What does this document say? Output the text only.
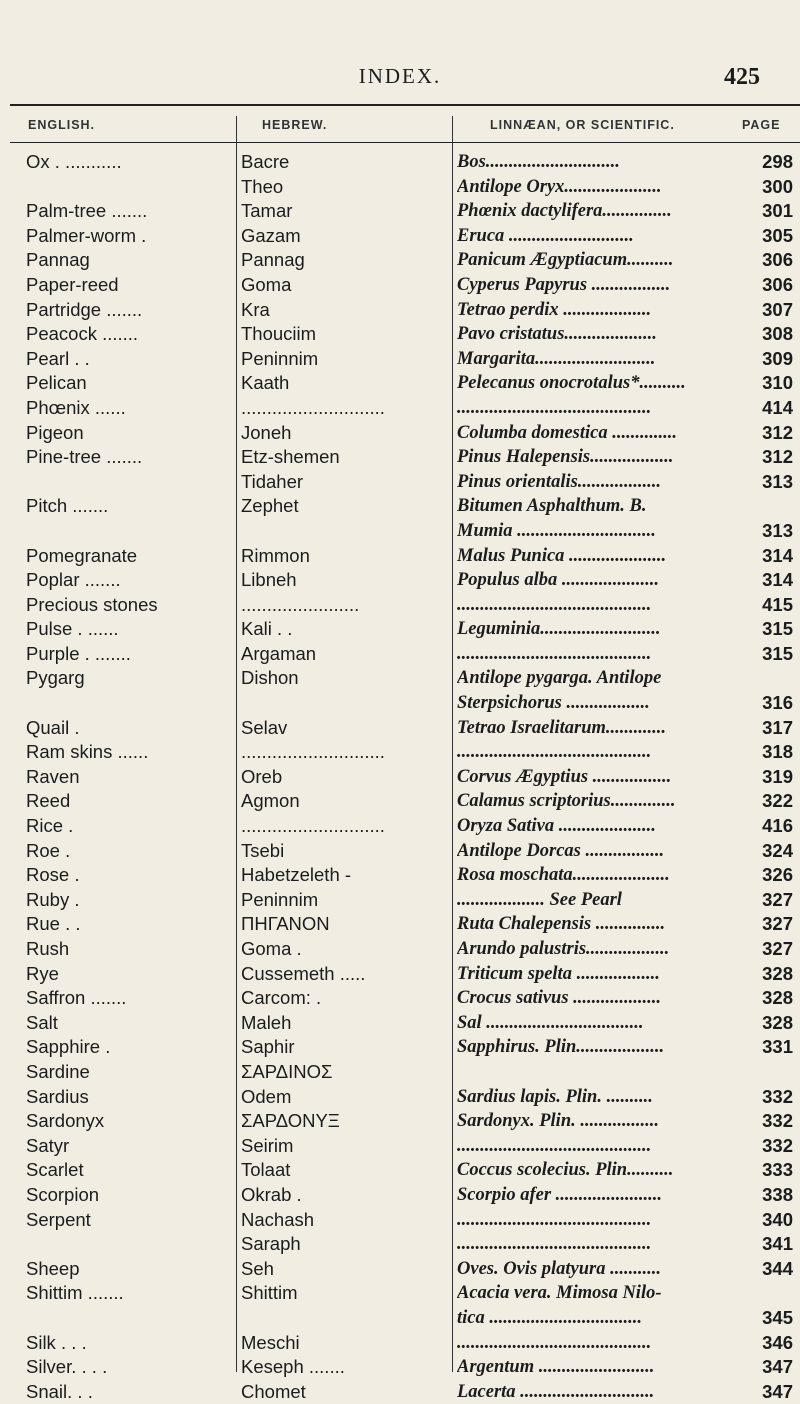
INDEX.	425
ENGLISH.	HEBREW.	LINNÆAN, OR SCIENTIFIC.	PAGE
Ox . ...........	Bacre	Bos.............................	298
Theo	Antilope Oryx.....................	300
Palm-tree .......	Tamar	Phœnix dactylifera...............	301
Palmer-worm .	Gazam	Eruca ...........................	305
Pannag	Pannag	Panicum Ægyptiacum..........	306
Paper-reed	Goma	Cyperus Papyrus .................	306
Partridge .......	Kra	Tetrao perdix ...................	307
Peacock .......	Thouciim	Pavo cristatus....................	308
Pearl . .	Peninnim	Margarita..........................	309
Pelican	Kaath	Pelecanus onocrotalus*..........	310
Phœnix ......	............................	..........................................	414
Pigeon	Joneh	Columba domestica ..............	312
Pine-tree .......	Etz-shemen	Pinus Halepensis..................	312
Tidaher	Pinus orientalis..................	313
Pitch .......	Zephet	Bitumen Asphalthum. B.
Mumia ..............................	313
Pomegranate	Rimmon	Malus Punica .....................	314
Poplar .......	Libneh	Populus alba .....................	314
Precious stones	.......................	..........................................	415
Pulse . ......	Kali . .	Leguminia..........................	315
Purple . .......	Argaman	..........................................	315
Pygarg	Dishon	Antilope pygarga. Antilope
Sterpsichorus ..................	316
Quail .	Selav	Tetrao Israelitarum.............	317
Ram skins ......	............................	..........................................	318
Raven	Oreb	Corvus Ægyptius .................	319
Reed	Agmon	Calamus scriptorius..............	322
Rice .	............................	Oryza Sativa .....................	416
Roe .	Tsebi	Antilope Dorcas .................	324
Rose .	Habetzeleth -	Rosa moschata.....................	326
Ruby .	Peninnim	................... See Pearl	327
Rue . .	ΠΗΓΑΝΟΝ	Ruta Chalepensis ...............	327
Rush	Goma .	Arundo palustris..................	327
Rye	Cussemeth .....	Triticum spelta ..................	328
Saffron .......	Carcom: .	Crocus sativus ...................	328
Salt	Maleh	Sal ..................................	328
Sapphire .	Saphir	Sapphirus. Plin...................	331
Sardine	ΣΑΡΔΙΝΟΣ
Sardius	Odem	Sardius lapis. Plin. ..........	332
Sardonyx	ΣΑΡΔΟΝΥΞ	Sardonyx. Plin. .................	332
Satyr	Seirim	..........................................	332
Scarlet	Tolaat	Coccus scolecius. Plin..........	333
Scorpion	Okrab .	Scorpio afer .......................	338
Serpent	Nachash	..........................................	340
Saraph	..........................................	341
Sheep	Seh	Oves. Ovis platyura ...........	344
Shittim .......	Shittim	Acacia vera. Mimosa Nilo-
tica .................................	345
Silk . . .	Meschi	..........................................	346
Silver. . . .	Keseph .......	Argentum .........................	347
Snail. . .	Chomet	Lacerta .............................	347
